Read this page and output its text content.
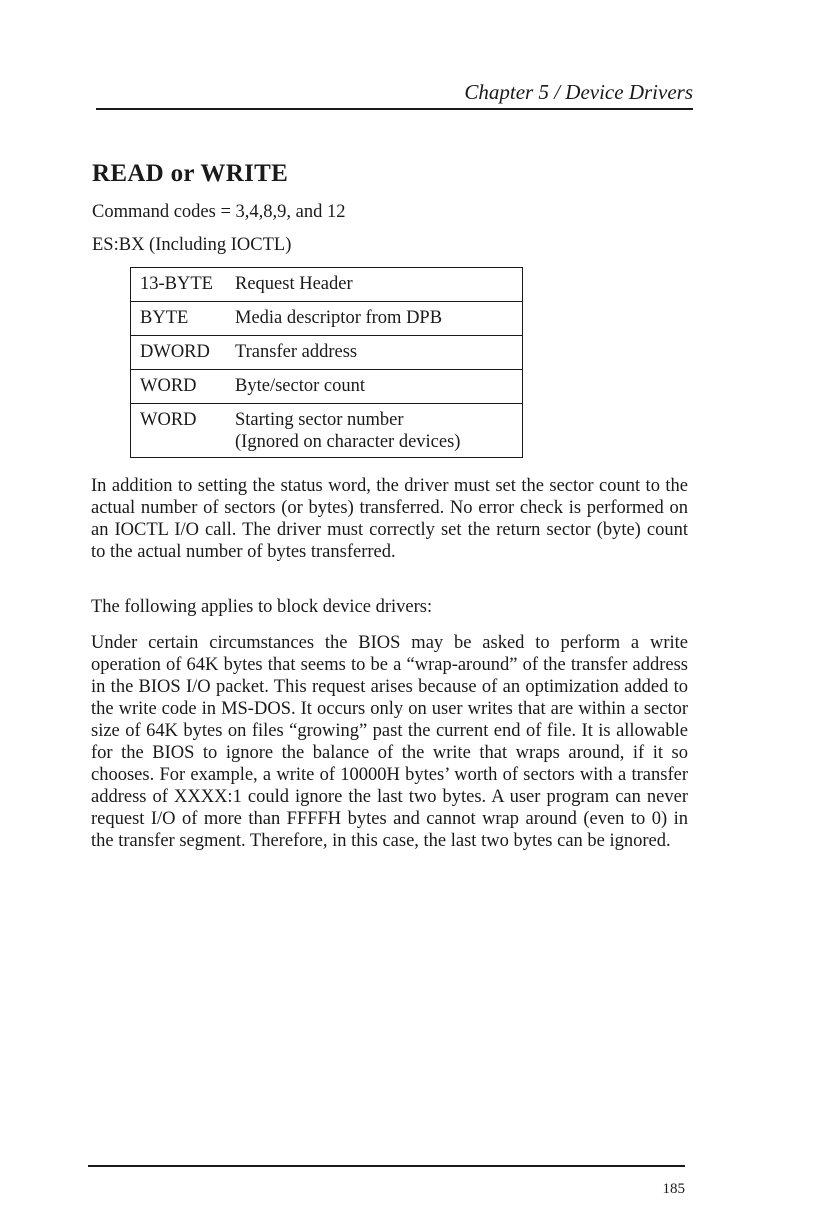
Chapter 5 / Device Drivers
READ or WRITE

Command codes = 3,4,8,9, and 12

ES:BX (Including IOCTL)

13-BYTE	Request Header
BYTE	Media descriptor from DPB
DWORD	Transfer address
WORD	Byte/sector count
WORD	Starting sector number
(Ignored on character devices)

In addition to setting the status word, the driver must set the sector count to the actual number of sectors (or bytes) transferred. No error check is performed on an IOCTL I/O call. The driver must correctly set the return sector (byte) count to the actual number of bytes transferred.

The following applies to block device drivers:

Under certain circumstances the BIOS may be asked to perform a write operation of 64K bytes that seems to be a “wrap-around” of the transfer address in the BIOS I/O packet. This request arises because of an optimization added to the write code in MS-DOS. It occurs only on user writes that are within a sector size of 64K bytes on files “growing” past the current end of file. It is allowable for the BIOS to ignore the balance of the write that wraps around, if it so chooses. For example, a write of 10000H bytes’ worth of sectors with a transfer address of XXXX:1 could ignore the last two bytes. A user program can never request I/O of more than FFFFH bytes and cannot wrap around (even to 0) in the transfer segment. Therefore, in this case, the last two bytes can be ignored.

185
